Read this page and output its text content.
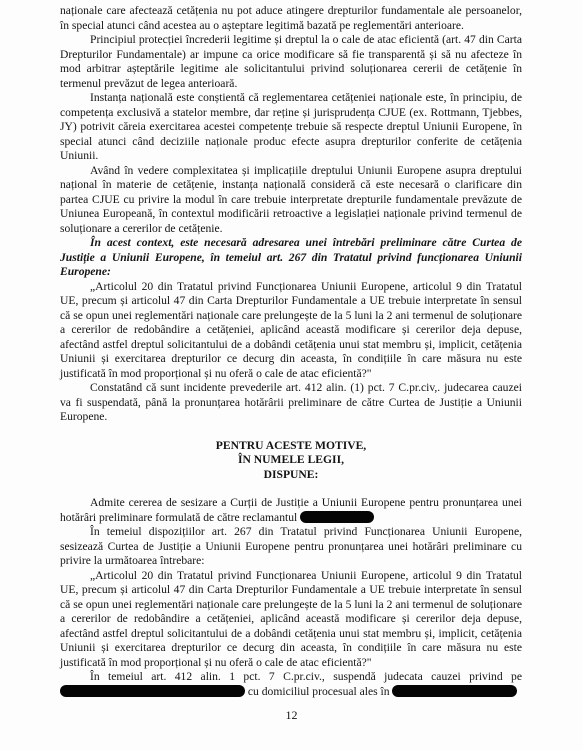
naționale care afectează cetățenia nu pot aduce atingere drepturilor fundamentale ale persoanelor, în special atunci când acestea au o așteptare legitimă bazată pe reglementări anterioare.

Principiul protecției încrederii legitime și dreptul la o cale de atac eficientă (art. 47 din Carta Drepturilor Fundamentale) ar impune ca orice modificare să fie transparentă și să nu afecteze în mod arbitrar așteptările legitime ale solicitantului privind soluționarea cererii de cetățenie în termenul prevăzut de legea anterioară.

Instanța națională este conștientă că reglementarea cetățeniei naționale este, în principiu, de competența exclusivă a statelor membre, dar reține și jurisprudența CJUE (ex. Rottmann, Tjebbes, JY) potrivit căreia exercitarea acestei competențe trebuie să respecte dreptul Uniunii Europene, în special atunci când deciziile naționale produc efecte asupra drepturilor conferite de cetățenia Uniunii.

Având în vedere complexitatea și implicațiile dreptului Uniunii Europene asupra dreptului național în materie de cetățenie, instanța națională consideră că este necesară o clarificare din partea CJUE cu privire la modul în care trebuie interpretate drepturile fundamentale prevăzute de Uniunea Europeană, în contextul modificării retroactive a legislației naționale privind termenul de soluționare a cererilor de cetățenie.

În acest context, este necesară adresarea unei întrebări preliminare către Curtea de Justiție a Uniunii Europene, în temeiul art. 267 din Tratatul privind funcționarea Uniunii Europene:

„Articolul 20 din Tratatul privind Funcționarea Uniunii Europene, articolul 9 din Tratatul UE, precum și articolul 47 din Carta Drepturilor Fundamentale a UE trebuie interpretate în sensul că se opun unei reglementări naționale care prelungește de la 5 luni la 2 ani termenul de soluționare a cererilor de redobândire a cetățeniei, aplicând această modificare și cererilor deja depuse, afectând astfel dreptul solicitantului de a dobândi cetățenia unui stat membru și, implicit, cetățenia Uniunii și exercitarea drepturilor ce decurg din aceasta, în condițiile în care măsura nu este justificată în mod proporțional și nu oferă o cale de atac eficientă?"

Constatând că sunt incidente prevederile art. 412 alin. (1) pct. 7 C.pr.civ,. judecarea cauzei va fi suspendată, până la pronunțarea hotărârii preliminare de către Curtea de Justiție a Uniunii Europene.

PENTRU ACESTE MOTIVE,

ÎN NUMELE LEGII,

DISPUNE:

Admite cererea de sesizare a Curții de Justiție a Uniunii Europene pentru pronunțarea unei hotărâri preliminare formulată de către reclamantul

În temeiul dispozițiilor art. 267 din Tratatul privind Funcționarea Uniunii Europene, sesizează Curtea de Justiție a Uniunii Europene pentru pronunțarea unei hotărâri preliminare cu privire la următoarea întrebare:

„Articolul 20 din Tratatul privind Funcționarea Uniunii Europene, articolul 9 din Tratatul UE, precum și articolul 47 din Carta Drepturilor Fundamentale a UE trebuie interpretate în sensul că se opun unei reglementări naționale care prelungește de la 5 luni la 2 ani termenul de soluționare a cererilor de redobândire a cetățeniei, aplicând această modificare și cererilor deja depuse, afectând astfel dreptul solicitantului de a dobândi cetățenia unui stat membru și, implicit, cetățenia Uniunii și exercitarea drepturilor ce decurg din aceasta, în condițiile în care măsura nu este justificată în mod proporțional și nu oferă o cale de atac eficientă?"

În temeiul art. 412 alin. 1 pct. 7 C.pr.civ., suspendă judecata cauzei privind pe  cu domiciliul procesual ales în

12
